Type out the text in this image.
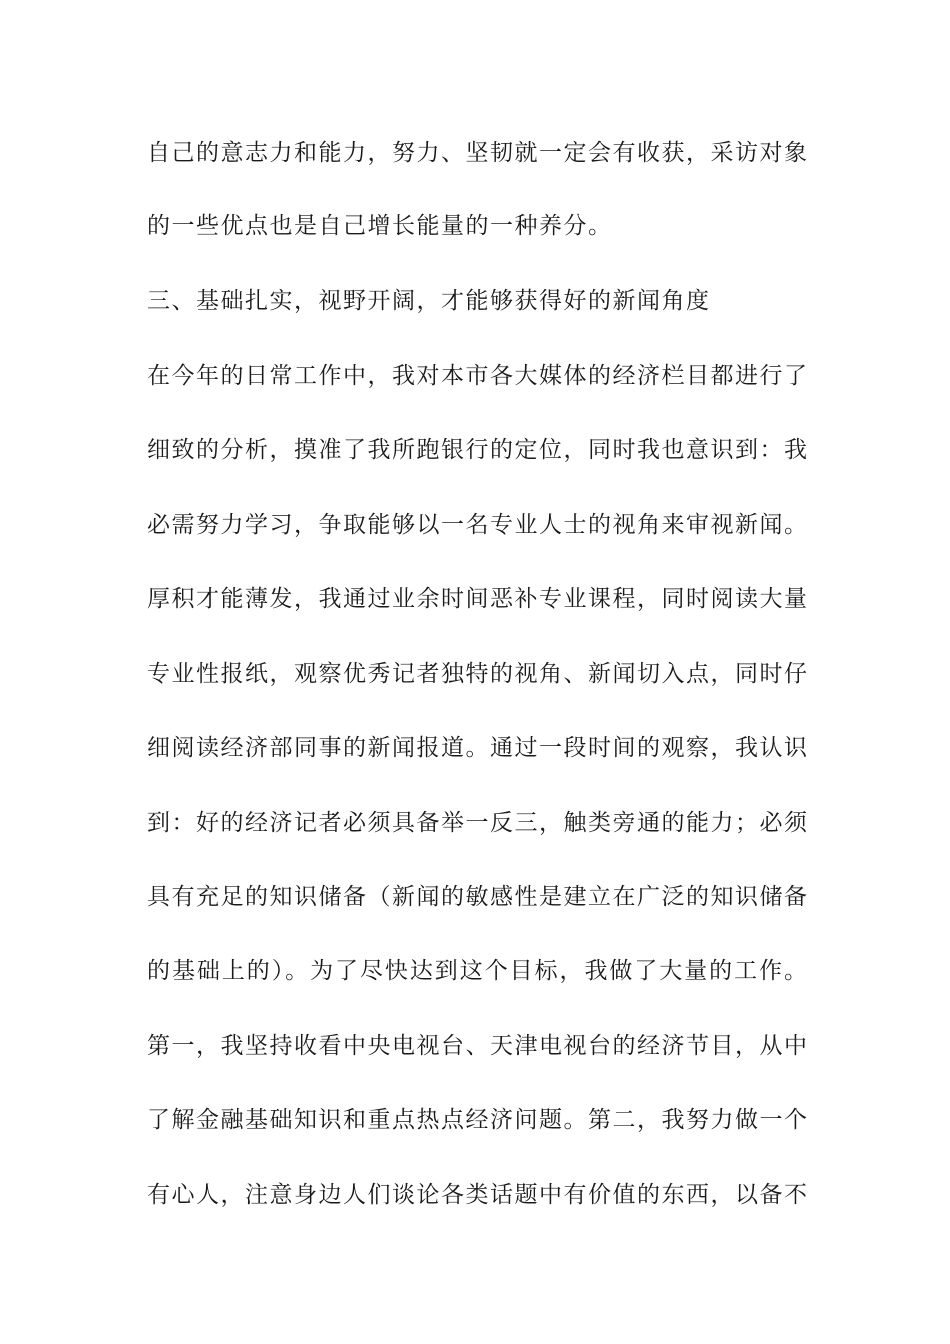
自己的意志力和能力，努力、坚韧就一定会有收获，采访对象
的一些优点也是自己增长能量的一种养分。
三、基础扎实，视野开阔，才能够获得好的新闻角度
在今年的日常工作中，我对本市各大媒体的经济栏目都进行了
细致的分析，摸准了我所跑银行的定位，同时我也意识到：我
必需努力学习，争取能够以一名专业人士的视角来审视新闻。
厚积才能薄发，我通过业余时间恶补专业课程，同时阅读大量
专业性报纸，观察优秀记者独特的视角、新闻切入点，同时仔
细阅读经济部同事的新闻报道。通过一段时间的观察，我认识
到：好的经济记者必须具备举一反三，触类旁通的能力；必须
具有充足的知识储备（新闻的敏感性是建立在广泛的知识储备
的基础上的）。为了尽快达到这个目标，我做了大量的工作。
第一，我坚持收看中央电视台、天津电视台的经济节目，从中
了解金融基础知识和重点热点经济问题。第二，我努力做一个
有心人，注意身边人们谈论各类话题中有价值的东西，以备不
